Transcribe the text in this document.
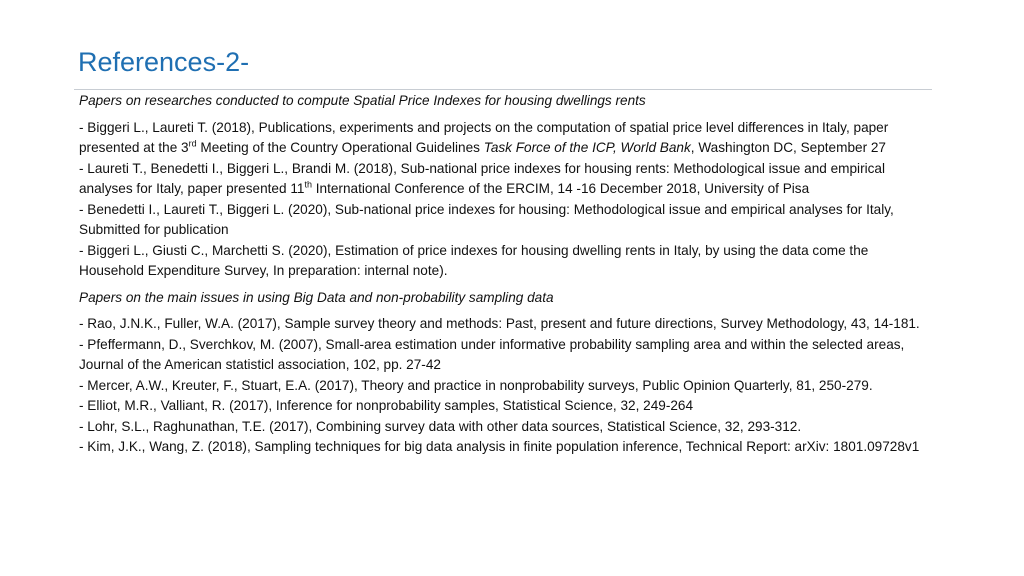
References-2-

Papers on researches conducted to compute Spatial Price Indexes for housing dwellings rents

- Biggeri L., Laureti T. (2018), Publications, experiments and projects on the computation of spatial price level differences in Italy, paper presented at the 3rd Meeting of the Country Operational Guidelines Task Force of the ICP, World Bank, Washington DC, September 27

- Laureti T., Benedetti I., Biggeri L., Brandi M. (2018), Sub-national price indexes for housing rents: Methodological issue and empirical analyses for Italy, paper presented 11th International Conference of the ERCIM, 14 -16 December 2018, University of Pisa

- Benedetti I., Laureti T., Biggeri L. (2020), Sub-national price indexes for housing: Methodological issue and empirical analyses for Italy, Submitted for publication

- Biggeri L., Giusti C., Marchetti S. (2020), Estimation of price indexes for housing dwelling rents in Italy, by using the data come the Household Expenditure Survey, In preparation: internal note).

Papers on the main issues in using Big Data and non-probability sampling data

- Rao, J.N.K., Fuller, W.A. (2017), Sample survey theory and methods: Past, present and future directions, Survey Methodology, 43, 14-181.

- Pfeffermann, D., Sverchkov, M. (2007), Small-area estimation under informative probability sampling area and within the selected areas, Journal of the American statisticl association, 102, pp. 27-42

- Mercer, A.W., Kreuter, F., Stuart, E.A. (2017), Theory and practice in nonprobability surveys, Public Opinion Quarterly, 81, 250-279.

- Elliot, M.R., Valliant, R. (2017), Inference for nonprobability samples, Statistical Science, 32, 249-264

- Lohr, S.L., Raghunathan, T.E. (2017), Combining survey data with other data sources, Statistical Science, 32, 293-312.

- Kim, J.K., Wang, Z. (2018), Sampling techniques for big data analysis in finite population inference, Technical Report: arXiv: 1801.09728v1
